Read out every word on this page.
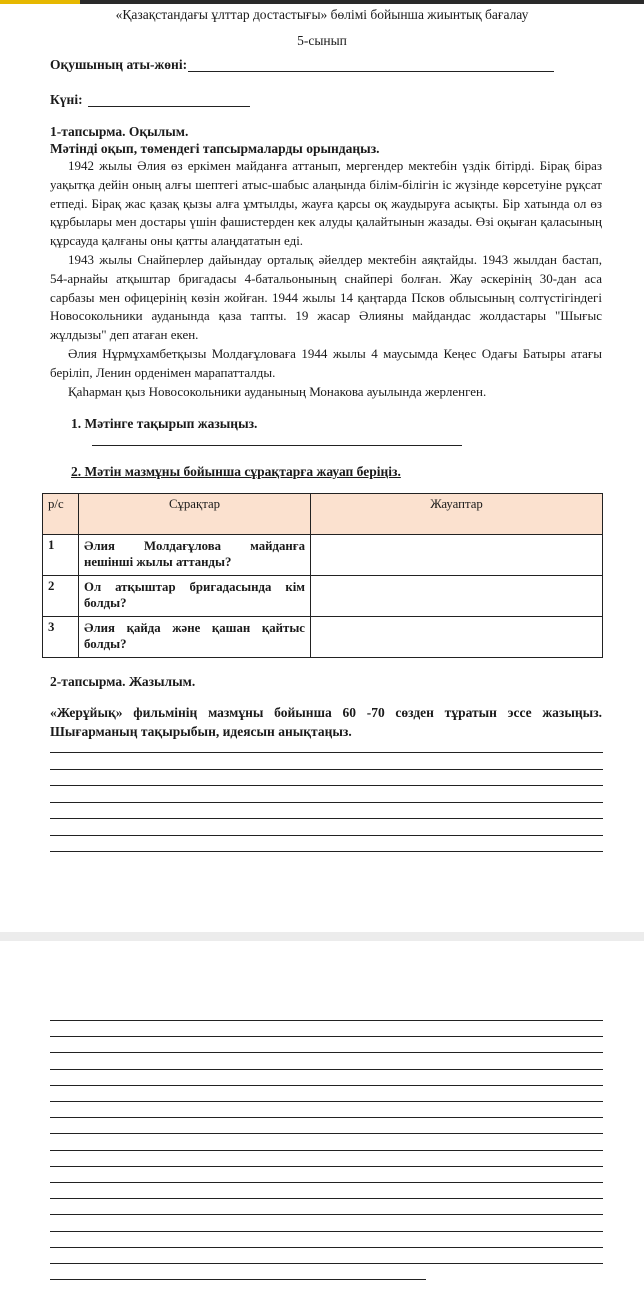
«Қазақстандағы ұлттар достастығы» бөлімі бойынша жиынтық бағалау
5-сынып
Оқушының аты-жөні:
Күні:
1-тапсырма. Оқылым.
Мәтінді оқып, төмендегі тапсырмаларды орындаңыз.

1942 жылы Әлия өз еркімен майданға аттанып, мергендер мектебін үздік бітірді. Бірақ біраз уақытқа дейін оның алғы шептегі атыс-шабыс алаңында білім-білігін іс жүзінде көрсетуіне рұқсат етпеді. Бірақ жас қазақ қызы алға ұмтылды, жауға қарсы оқ жаудыруға асықты. Бір хатында ол өз құрбылары мен достары үшін фашистерден кек алуды қалайтынын жазады. Өзі оқыған қаласының құрсауда қалғаны оны қатты алаңдататын еді.

1943 жылы Снайперлер дайындау орталық әйелдер мектебін аяқтайды. 1943 жылдан бастап, 54-арнайы атқыштар бригадасы 4-батальонының снайпері болған. Жау әскерінің 30-дан аса сарбазы мен офицерінің көзін жойған. 1944 жылы 14 қаңтарда Псков облысының солтүстігіндегі Новосокольники ауданында қаза тапты. 19 жасар Әлияны майдандас жолдастары "Шығыс жұлдызы" деп атаған екен.

Әлия Нұрмұхамбетқызы Молдағұловаға 1944 жылы 4 маусымда Кеңес Одағы Батыры атағы беріліп, Ленин орденімен марапатталды.

Қаһарман қыз Новосокольники ауданының Монакова ауылында жерленген.

1. Мәтінге тақырып жазыңыз.
2. Мәтін мазмұны бойынша сұрақтарға жауап беріңіз.
р/с	Сұрақтар	Жауаптар
1	Әлия Молдағұлова майданға нешінші жылы аттанды?	
2	Ол атқыштар бригадасында кім болды?	
3	Әлия қайда және қашан қайтыс болды?	
2-тапсырма. Жазылым.
«Жерұйық» фильмінің мазмұны бойынша 60 -70 сөзден тұратын эссе жазыңыз. Шығарманың тақырыбын, идеясын анықтаңыз.
